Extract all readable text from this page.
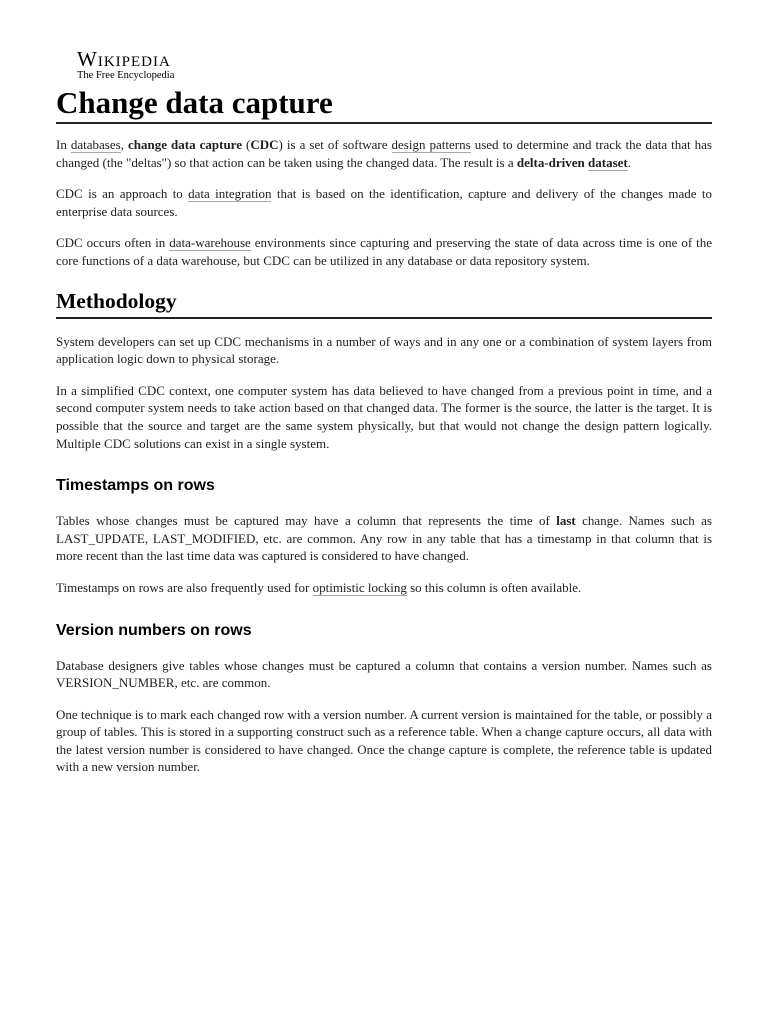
Wikipedia
The Free Encyclopedia
Change data capture

In databases, change data capture (CDC) is a set of software design patterns used to determine and track the data that has changed (the "deltas") so that action can be taken using the changed data. The result is a delta-driven dataset.

CDC is an approach to data integration that is based on the identification, capture and delivery of the changes made to enterprise data sources.

CDC occurs often in data-warehouse environments since capturing and preserving the state of data across time is one of the core functions of a data warehouse, but CDC can be utilized in any database or data repository system.

Methodology

System developers can set up CDC mechanisms in a number of ways and in any one or a combination of system layers from application logic down to physical storage.

In a simplified CDC context, one computer system has data believed to have changed from a previous point in time, and a second computer system needs to take action based on that changed data. The former is the source, the latter is the target. It is possible that the source and target are the same system physically, but that would not change the design pattern logically. Multiple CDC solutions can exist in a single system.

Timestamps on rows

Tables whose changes must be captured may have a column that represents the time of last change. Names such as LAST_UPDATE, LAST_MODIFIED, etc. are common. Any row in any table that has a timestamp in that column that is more recent than the last time data was captured is considered to have changed.

Timestamps on rows are also frequently used for optimistic locking so this column is often available.

Version numbers on rows

Database designers give tables whose changes must be captured a column that contains a version number. Names such as VERSION_NUMBER, etc. are common.

One technique is to mark each changed row with a version number. A current version is maintained for the table, or possibly a group of tables. This is stored in a supporting construct such as a reference table. When a change capture occurs, all data with the latest version number is considered to have changed. Once the change capture is complete, the reference table is updated with a new version number.
